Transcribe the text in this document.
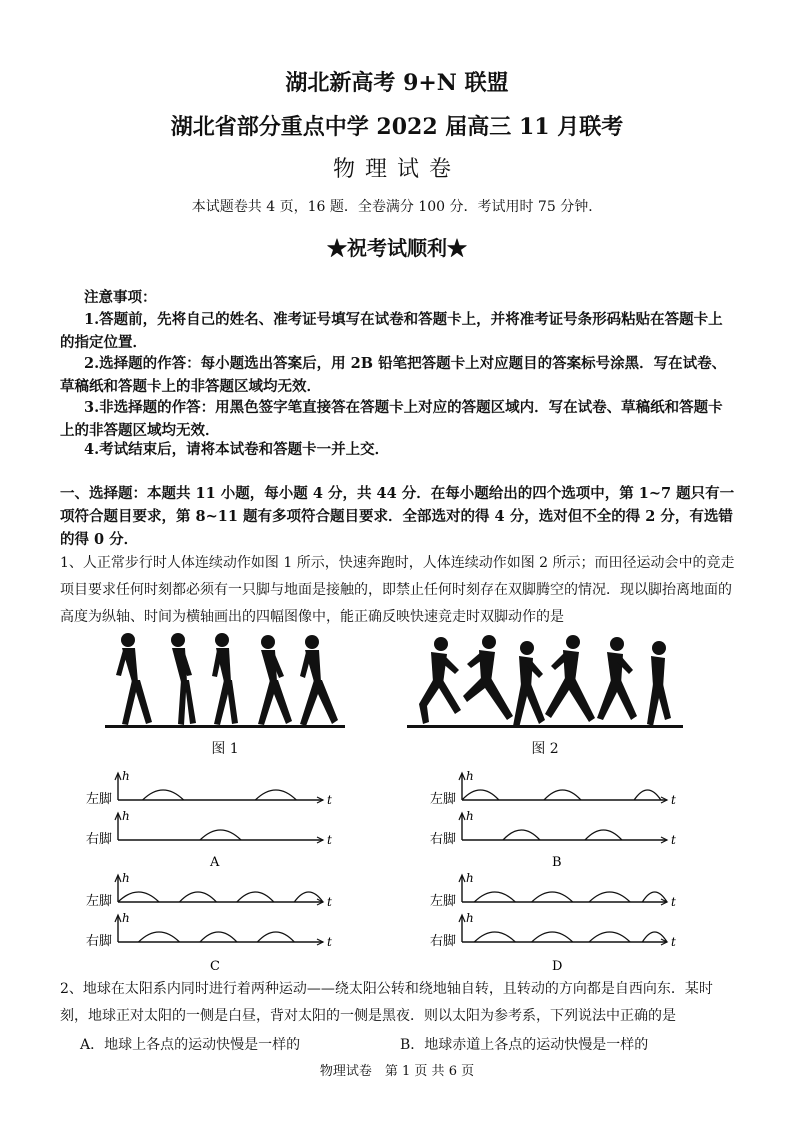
湖北新高考 9+N 联盟
湖北省部分重点中学 2022 届高三 11 月联考
物理试卷
本试题卷共 4 页，16 题．全卷满分 100 分．考试用时 75 分钟．
★祝考试顺利★
注意事项：
1.答题前，先将自己的姓名、准考证号填写在试卷和答题卡上，并将准考证号条形码粘贴在答题卡上的指定位置．
2.选择题的作答：每小题选出答案后，用 2B 铅笔把答题卡上对应题目的答案标号涂黑．写在试卷、草稿纸和答题卡上的非答题区域均无效．
3.非选择题的作答：用黑色签字笔直接答在答题卡上对应的答题区域内．写在试卷、草稿纸和答题卡上的非答题区域均无效．
4.考试结束后，请将本试卷和答题卡一并上交．
一、选择题：本题共 11 小题，每小题 4 分，共 44 分．在每小题给出的四个选项中，第 1~7 题只有一项符合题目要求，第 8~11 题有多项符合题目要求．全部选对的得 4 分，选对但不全的得 2 分，有选错的得 0 分．
1、人正常步行时人体连续动作如图 1 所示，快速奔跑时，人体连续动作如图 2 所示；而田径运动会中的竞走项目要求任何时刻都必须有一只脚与地面是接触的，即禁止任何时刻存在双脚腾空的情况．现以脚抬离地面的高度为纵轴、时间为横轴画出的四幅图像中，能正确反映快速竞走时双脚动作的是
图 1	图 2
左脚
h
t
右脚
h
t
A
左脚
h
t
右脚
h
t
B
左脚
h
t
右脚
h
t
C
左脚
h
t
右脚
h
t
D
2、地球在太阳系内同时进行着两种运动——绕太阳公转和绕地轴自转，且转动的方向都是自西向东．某时刻，地球正对太阳的一侧是白昼，背对太阳的一侧是黑夜．则以太阳为参考系，下列说法中正确的是
A．地球上各点的运动快慢是一样的	B．地球赤道上各点的运动快慢是一样的
物理试卷　第 1 页 共 6 页
